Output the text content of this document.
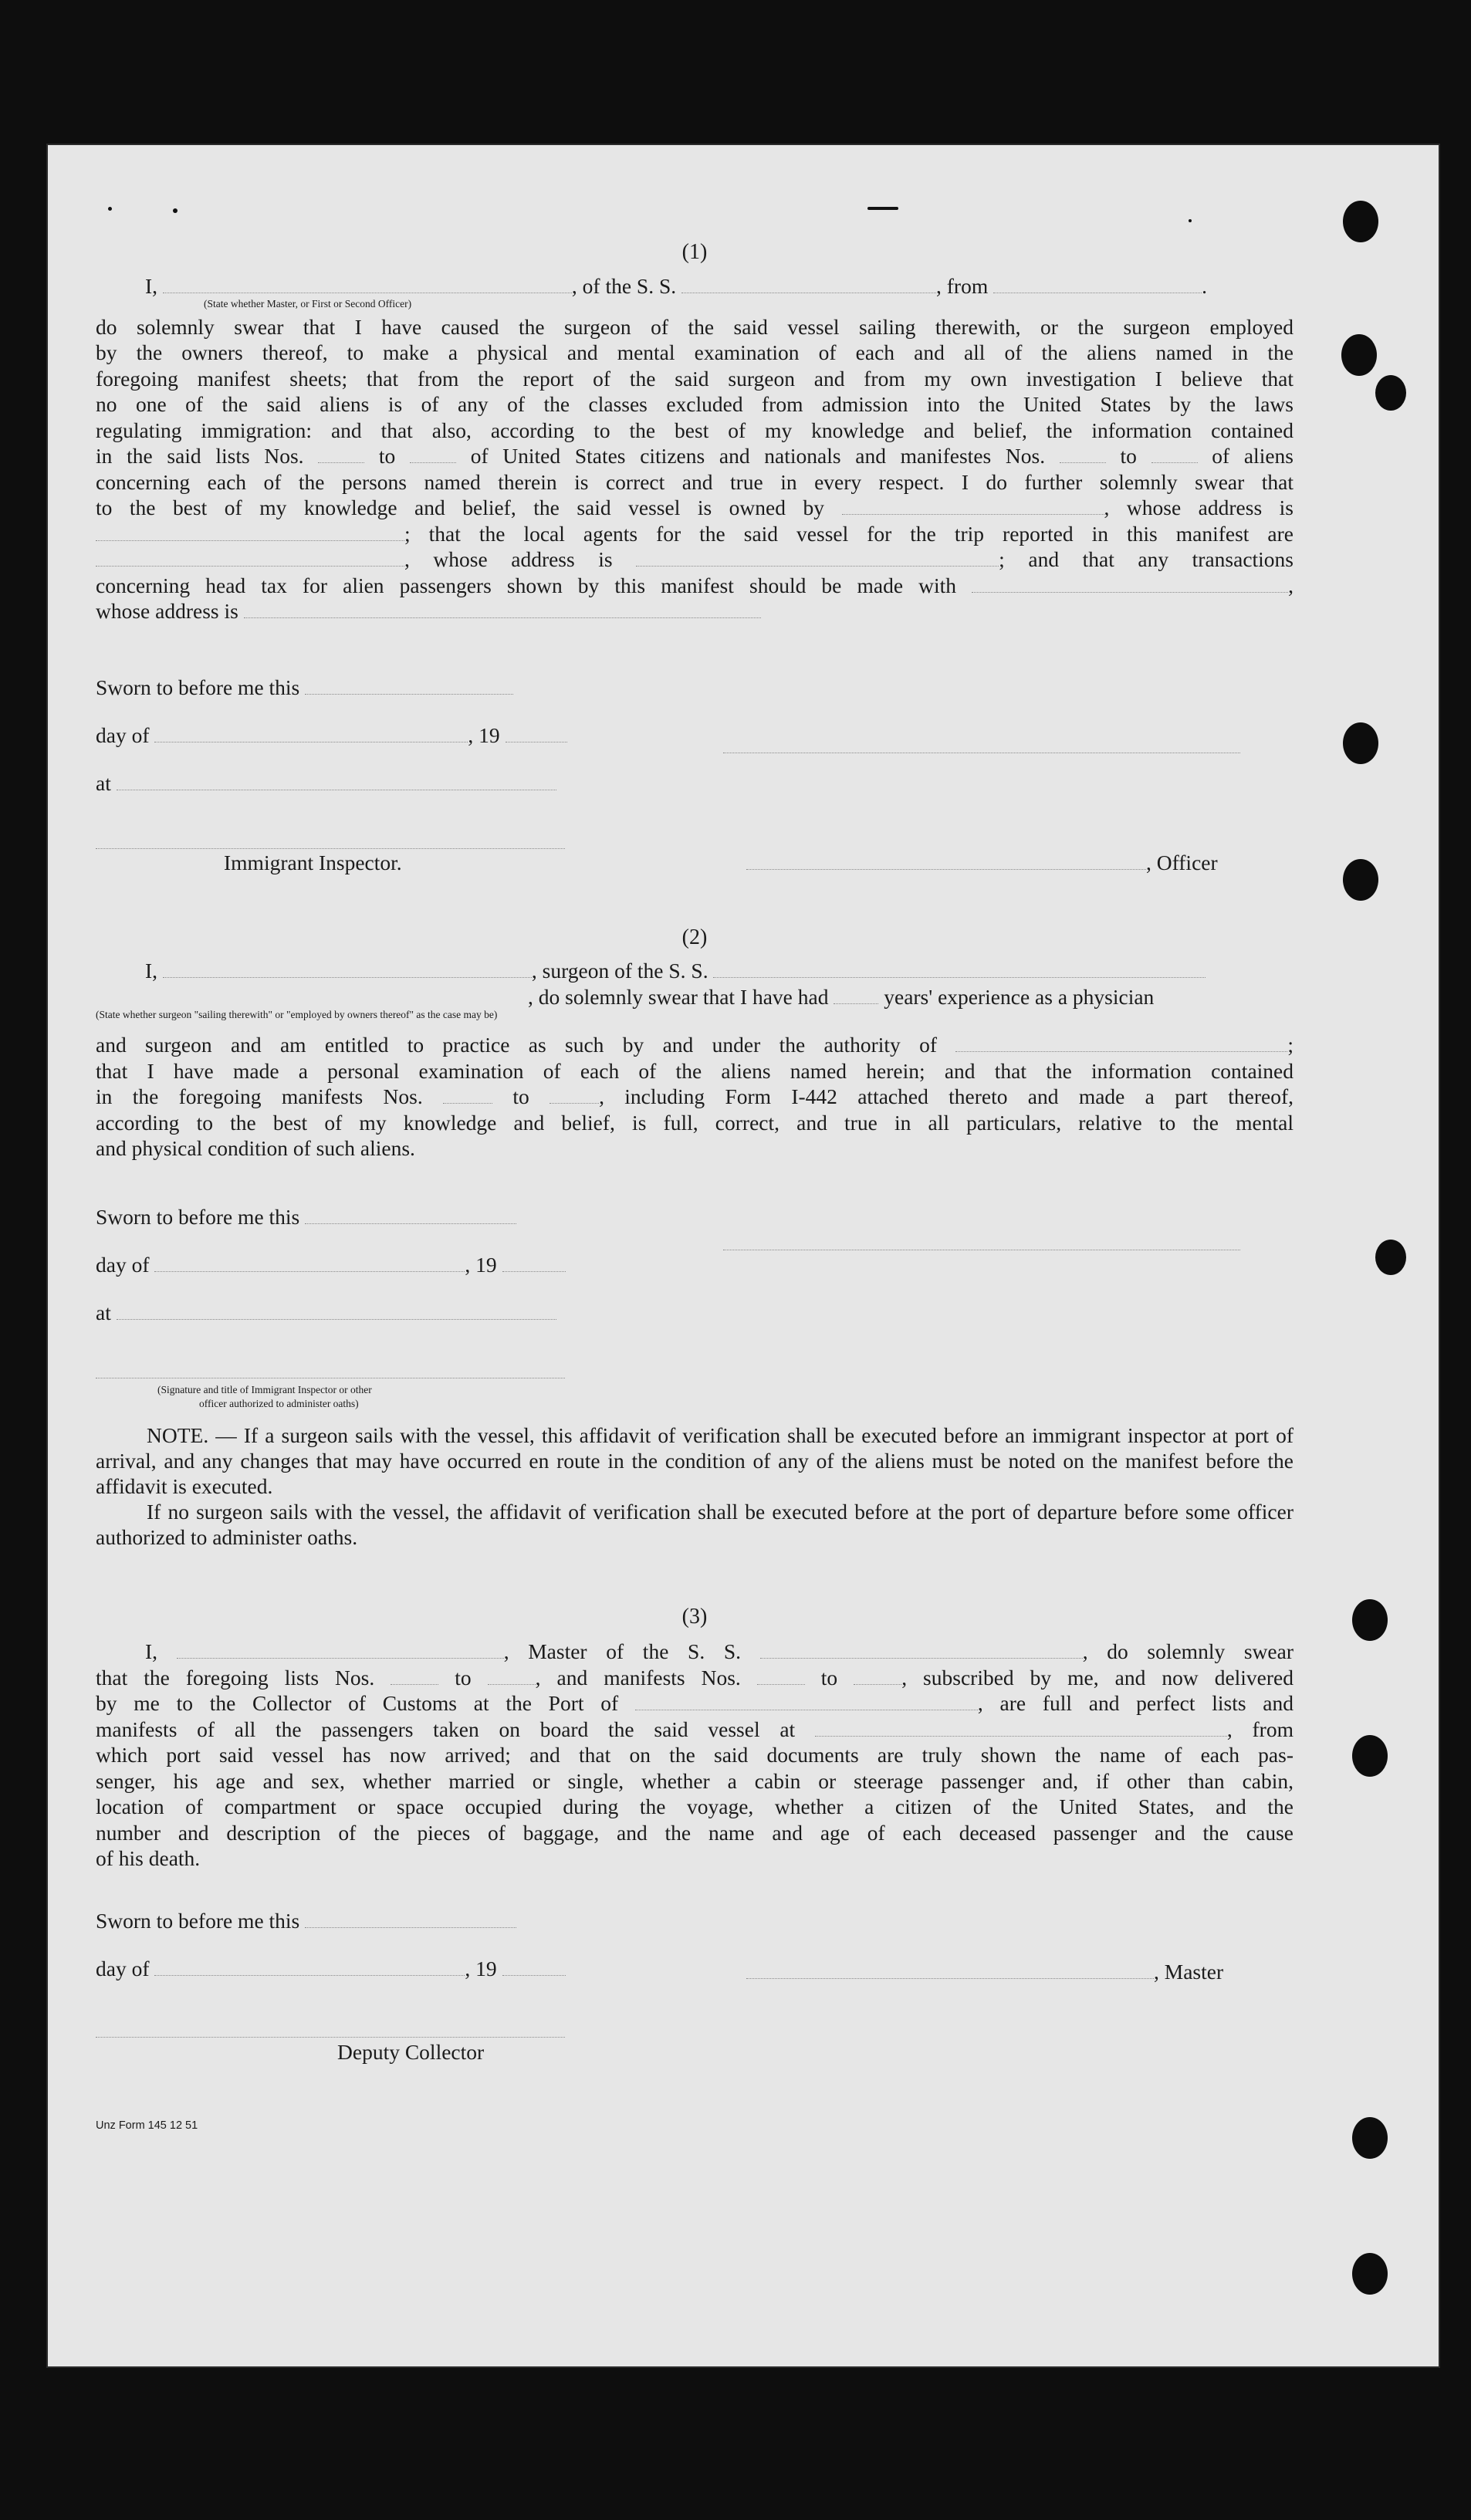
(1)
I,	, of the S. S.	, from	.
(State whether Master, or First or Second Officer)
do solemnly swear that I have caused the surgeon of the said vessel sailing therewith, or the surgeon employed
by the owners thereof, to make a physical and mental examination of each and all of the aliens named in the
foregoing manifest sheets; that from the report of the said surgeon and from my own investigation I believe that
no one of the said aliens is of any of the classes excluded from admission into the United States by the laws
regulating immigration: and that also, according to the best of my knowledge and belief, the information contained
in the said lists Nos.	to	of United States citizens and nationals and manifestes Nos.	to	of aliens
concerning each of the persons named therein is correct and true in every respect. I do further solemnly swear that
to the best of my knowledge and belief, the said vessel is owned by	, whose address is
; that the local agents for the said vessel for the trip reported in this manifest are
, whose address is	; and that any transactions
concerning head tax for alien passengers shown by this manifest should be made with	,
whose address is
Sworn to before me this
day of	, 19
at
Immigrant Inspector.	, Officer
(2)
I,	, surgeon of the S. S.
, do solemnly swear that I have had	years' experience as a physician
(State whether surgeon "sailing therewith" or "employed by owners thereof" as the case may be)
and surgeon and am entitled to practice as such by and under the authority of	;
that I have made a personal examination of each of the aliens named herein; and that the information contained
in the foregoing manifests Nos.	to	, including Form I-442 attached thereto and made a part thereof,
according to the best of my knowledge and belief, is full, correct, and true in all particulars, relative to the mental
and physical condition of such aliens.
Sworn to before me this
day of	, 19
at
(Signature and title of Immigrant Inspector or other
officer authorized to administer oaths)

NOTE. — If a surgeon sails with the vessel, this affidavit of verification shall be executed before an immigrant inspector at port of arrival, and any changes that may have occurred en route in the condition of any of the aliens must be noted on the manifest before the affidavit is executed.

If no surgeon sails with the vessel, the affidavit of verification shall be executed before at the port of departure before some officer authorized to administer oaths.

(3)
I,	, Master of the S. S.	, do solemnly swear
that the foregoing lists Nos.	to	, and manifests Nos.	to	, subscribed by me, and now delivered
by me to the Collector of Customs at the Port of	, are full and perfect lists and
manifests of all the passengers taken on board the said vessel at	, from
which port said vessel has now arrived; and that on the said documents are truly shown the name of each pas-
senger, his age and sex, whether married or single, whether a cabin or steerage passenger and, if other than cabin,
location of compartment or space occupied during the voyage, whether a citizen of the United States, and the
number and description of the pieces of baggage, and the name and age of each deceased passenger and the cause
of his death.
Sworn to before me this
day of	, 19	, Master
Deputy Collector
Unz Form 145 12 51
